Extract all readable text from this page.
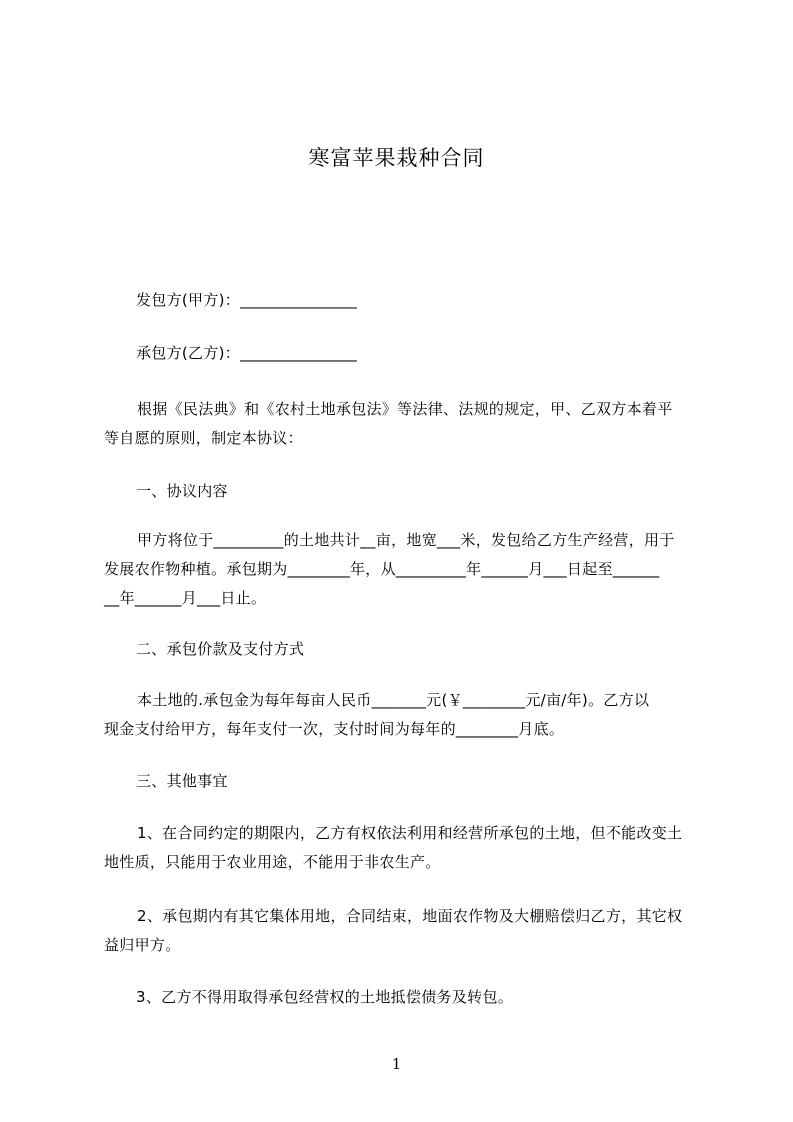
寒富苹果栽种合同
发包方(甲方)：_______________
承包方(乙方)：_______________
根据《民法典》和《农村土地承包法》等法律、法规的规定，甲、乙双方本着平
等自愿的原则，制定本协议：
一、协议内容
甲方将位于_________的土地共计__亩，地宽___米，发包给乙方生产经营，用于
发展农作物种植。承包期为________年，从_________年______月___日起至______
__年______月___日止。
二、承包价款及支付方式
本土地的.承包金为每年每亩人民币_______元(￥________元/亩/年)。乙方以
现金支付给甲方，每年支付一次，支付时间为每年的________月底。
三、其他事宜
1、在合同约定的期限内，乙方有权依法利用和经营所承包的土地，但不能改变土
地性质，只能用于农业用途，不能用于非农生产。
2、承包期内有其它集体用地，合同结束，地面农作物及大棚赔偿归乙方，其它权
益归甲方。
3、乙方不得用取得承包经营权的土地抵偿债务及转包。
1
